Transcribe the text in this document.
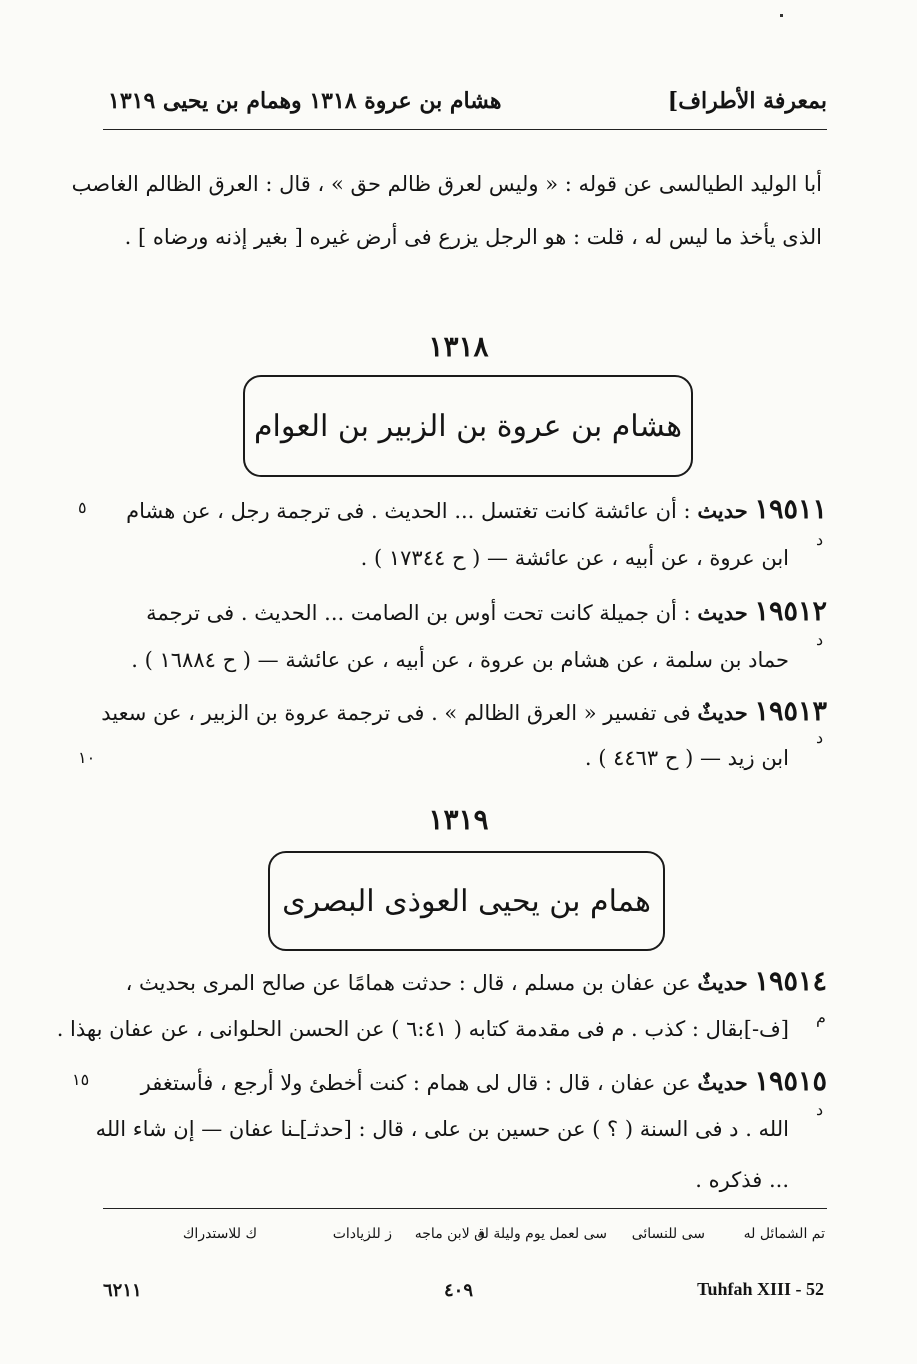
هشام بن عروة ١٣١٨ وهمام بن يحيى ١٣١٩	بمعرفة الأطراف]
أبا الوليد الطيالسى عن قوله : « وليس لعرق ظالم حق » ، قال : العرق الظالم الغاصب
الذى يأخذ ما ليس له ، قلت : هو الرجل يزرع فى أرض غيره [ بغير إذنه ورضاه ] .
١٣١٨
هشام بن عروة بن الزبير بن العوام
١٩٥١١ حديث : أن عائشة كانت تغتسل ... الحديث . فى ترجمة رجل ، عن هشام
ابن عروة ، عن أبيه ، عن عائشة — ( ح ١٧٣٤٤ ) .
١٩٥١٢ حديث : أن جميلة كانت تحت أوس بن الصامت ... الحديث . فى ترجمة
حماد بن سلمة ، عن هشام بن عروة ، عن أبيه ، عن عائشة — ( ح ١٦٨٨٤ ) .
١٩٥١٣ حديثٌ فى تفسير « العرق الظالم » . فى ترجمة عروة بن الزبير ، عن سعيد
ابن زيد — ( ح ٤٤٦٣ ) .
١٣١٩
همام بن يحيى العوذى البصرى
١٩٥١٤ حديثٌ عن عفان بن مسلم ، قال : حدثت همامًا عن صالح المرى بحديث ،
[ف-]بقال : كذب . م فى مقدمة كتابه ( ٦:٤١ ) عن الحسن الحلوانى ، عن عفان بهذا .
١٩٥١٥ حديثٌ عن عفان ، قال : قال لى همام : كنت أخطئ ولا أرجع ، فأستغفر
الله . د فى السنة ( ؟ ) عن حسين بن على ، قال : [حدثـ]ـنا عفان — إن شاء الله
... فذكره .
د
د
د
م
د
٥
١٠
١٥
تم الشمائل له
سى للنسائى
سى لعمل يوم وليلة له
ق لابن ماجه
ز للزيادات
ك للاستدراك
٦٢١١	٤٠٩	Tuhfah XIII - 52
